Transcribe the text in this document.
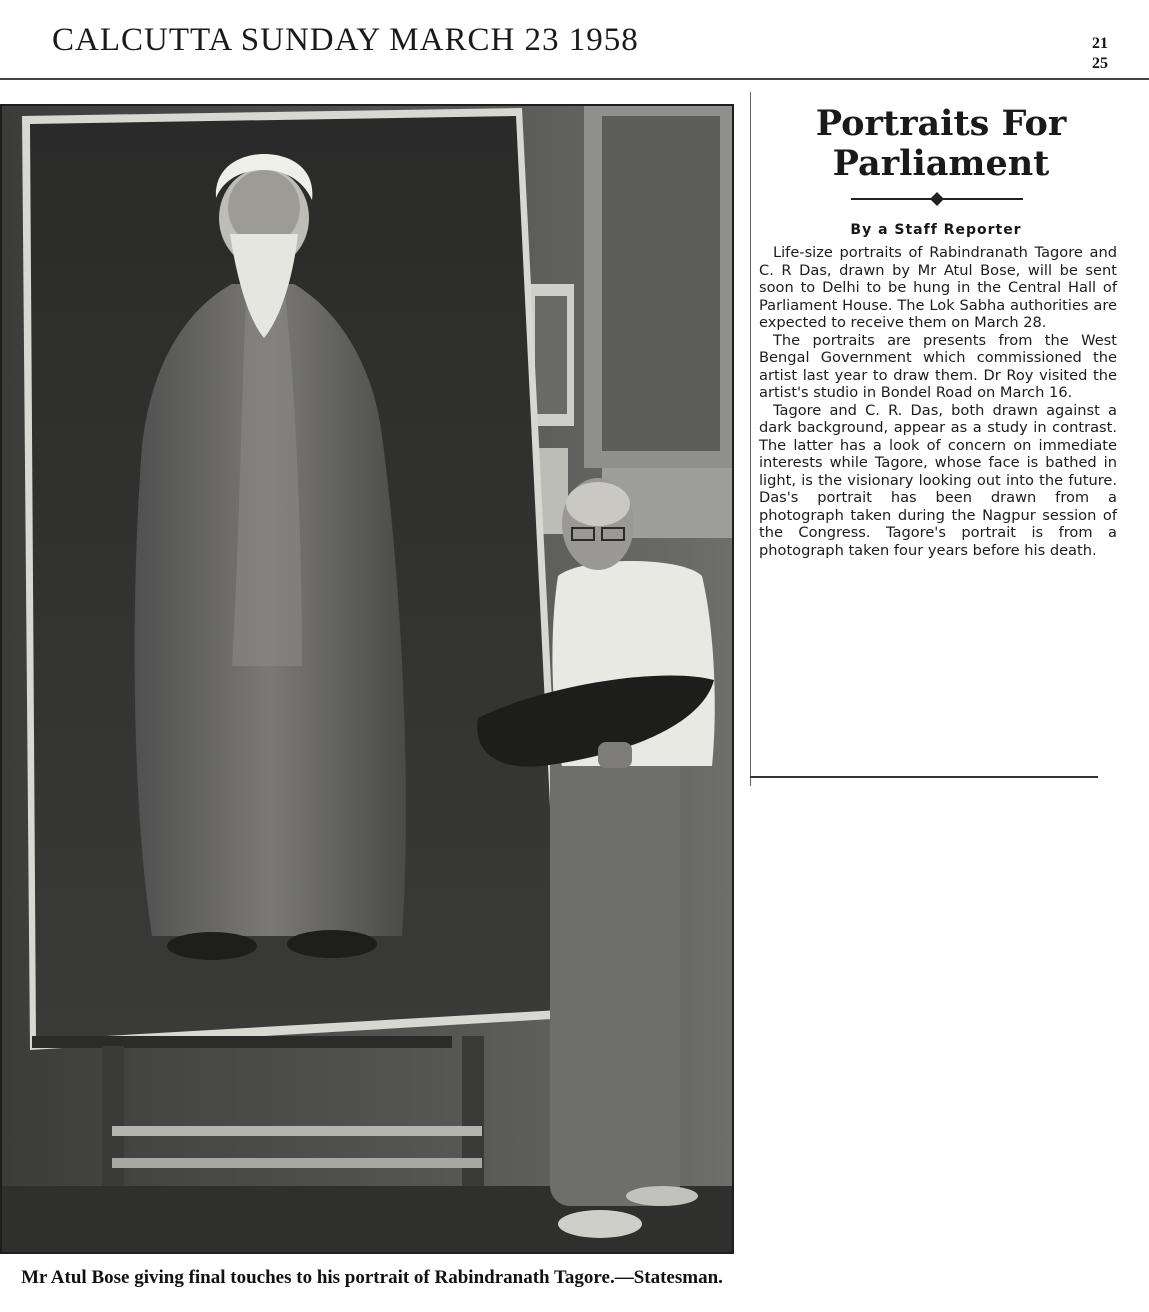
CALCUTTA SUNDAY MARCH 23 1958	21
25
Mr Atul Bose giving final touches to his portrait of Rabindranath Tagore.—Statesman.
Portraits For
Parliament
By a Staff Reporter

Life-size portraits of Rabindranath Tagore and C. R Das, drawn by Mr Atul Bose, will be sent soon to Delhi to be hung in the Central Hall of Parliament House. The Lok Sabha authorities are expected to receive them on March 28.

The portraits are presents from the West Bengal Government which commissioned the artist last year to draw them. Dr Roy visited the artist's studio in Bondel Road on March 16.

Tagore and C. R. Das, both drawn against a dark background, appear as a study in contrast. The latter has a look of concern on immediate interests while Tagore, whose face is bathed in light, is the visionary looking out into the future. Das's portrait has been drawn from a photograph taken during the Nagpur session of the Congress. Tagore's portrait is from a photograph taken four years before his death.
